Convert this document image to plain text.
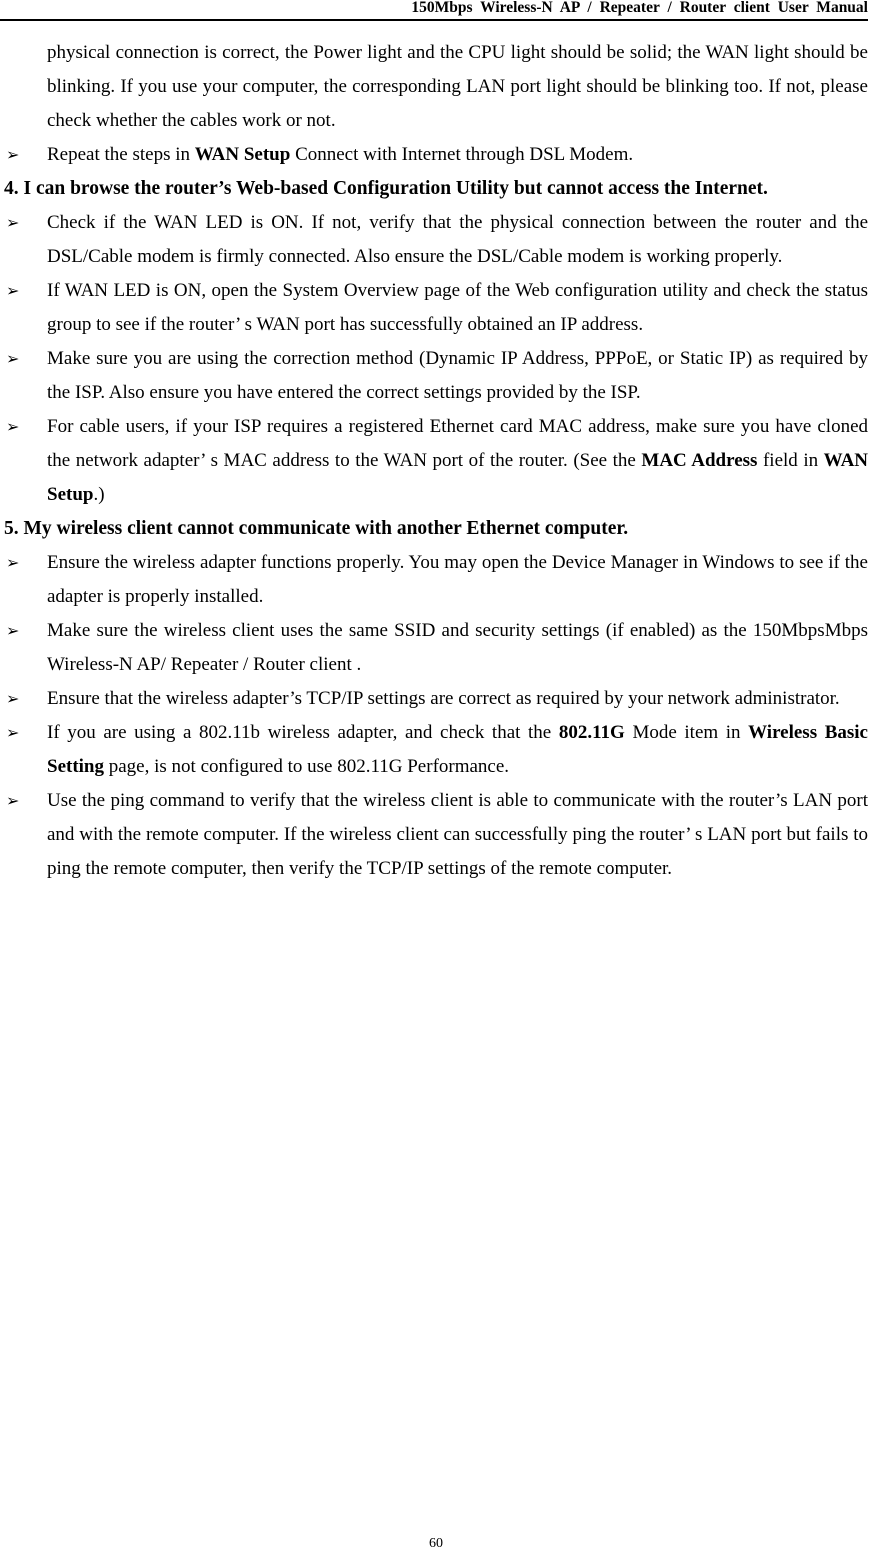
150Mbps Wireless-N AP / Repeater / Router client User Manual

physical connection is correct, the Power light and the CPU light should be solid; the WAN light should be blinking. If you use your computer, the corresponding LAN port light should be blinking too. If not, please check whether the cables work or not.

➢ Repeat the steps in WAN Setup Connect with Internet through DSL Modem.
4. I can browse the router’s Web-based Configuration Utility but cannot access the Internet.
➢ Check if the WAN LED is ON. If not, verify that the physical connection between the router and the DSL/Cable modem is firmly connected. Also ensure the DSL/Cable modem is working properly.
➢ If WAN LED is ON, open the System Overview page of the Web configuration utility and check the status group to see if the router’ s WAN port has successfully obtained an IP address.
➢ Make sure you are using the correction method (Dynamic IP Address, PPPoE, or Static IP) as required by the ISP. Also ensure you have entered the correct settings provided by the ISP.
➢ For cable users, if your ISP requires a registered Ethernet card MAC address, make sure you have cloned the network adapter’ s MAC address to the WAN port of the router. (See the MAC Address field in WAN Setup.)
5. My wireless client cannot communicate with another Ethernet computer.
➢ Ensure the wireless adapter functions properly. You may open the Device Manager in Windows to see if the adapter is properly installed.
➢ Make sure the wireless client uses the same SSID and security settings (if enabled) as the 150MbpsMbps Wireless-N AP/ Repeater / Router client .
➢ Ensure that the wireless adapter’s TCP/IP settings are correct as required by your network administrator.
➢ If you are using a 802.11b wireless adapter, and check that the 802.11G Mode item in Wireless Basic Setting page, is not configured to use 802.11G Performance.
➢ Use the ping command to verify that the wireless client is able to communicate with the router’s LAN port and with the remote computer. If the wireless client can successfully ping the router’ s LAN port but fails to ping the remote computer, then verify the TCP/IP settings of the remote computer.
60
